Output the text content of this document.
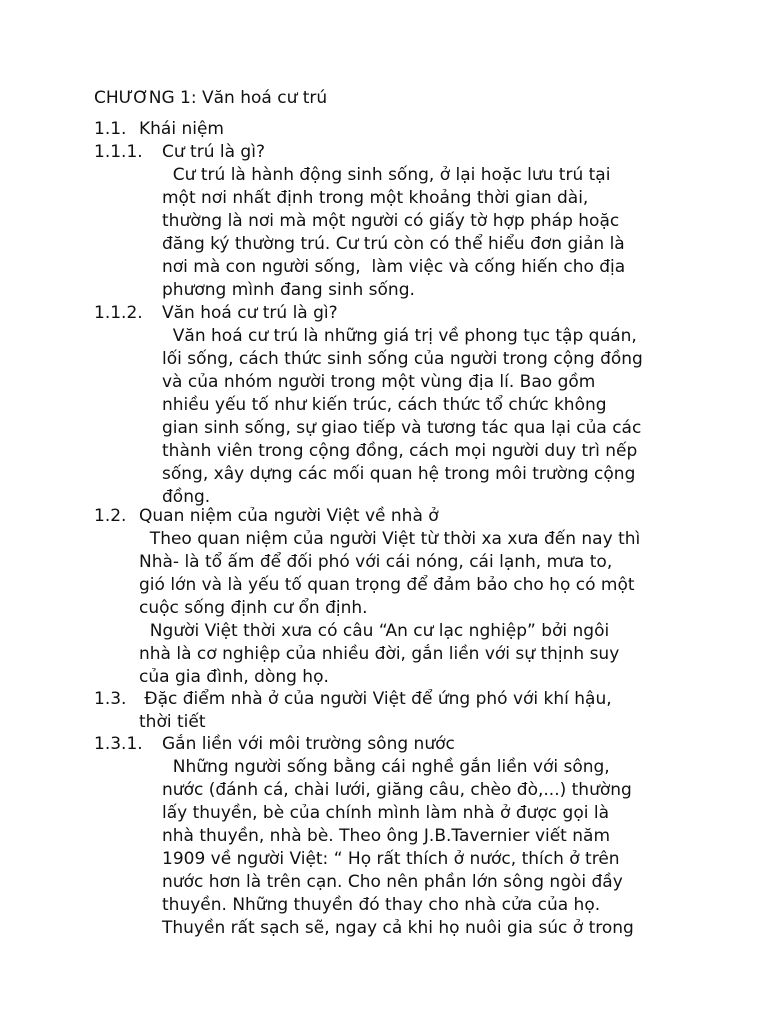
CHƯƠNG 1: Văn hoá cư trú
1.1. Khái niệm
1.1.1. Cư trú là gì?
Cư trú là hành động sinh sống, ở lại hoặc lưu trú tại
một nơi nhất định trong một khoảng thời gian dài,
thường là nơi mà một người có giấy tờ hợp pháp hoặc
đăng ký thường trú. Cư trú còn có thể hiểu đơn giản là
nơi mà con người sống,  làm việc và cống hiến cho địa
phương mình đang sinh sống.
1.1.2. Văn hoá cư trú là gì?
Văn hoá cư trú là những giá trị về phong tục tập quán,
lối sống, cách thức sinh sống của người trong cộng đồng
và của nhóm người trong một vùng địa lí. Bao gồm
nhiều yếu tố như kiến trúc, cách thức tổ chức không
gian sinh sống, sự giao tiếp và tương tác qua lại của các
thành viên trong cộng đồng, cách mọi người duy trì nếp
sống, xây dựng các mối quan hệ trong môi trường cộng
đồng.
1.2. Quan niệm của người Việt về nhà ở
Theo quan niệm của người Việt từ thời xa xưa đến nay thì
Nhà- là tổ ấm để đối phó với cái nóng, cái lạnh, mưa to,
gió lớn và là yếu tố quan trọng để đảm bảo cho họ có một
cuộc sống định cư ổn định.
Người Việt thời xưa có câu “An cư lạc nghiệp” bởi ngôi
nhà là cơ nghiệp của nhiều đời, gắn liền với sự thịnh suy
của gia đình, dòng họ.
1.3. Đặc điểm nhà ở của người Việt để ứng phó với khí hậu,
thời tiết
1.3.1. Gắn liền với môi trường sông nước
Những người sống bằng cái nghề gắn liền với sông,
nước (đánh cá, chài lưới, giăng câu, chèo đò,...) thường
lấy thuyền, bè của chính mình làm nhà ở được gọi là
nhà thuyền, nhà bè. Theo ông J.B.Tavernier viết năm
1909 về người Việt: “ Họ rất thích ở nước, thích ở trên
nước hơn là trên cạn. Cho nên phần lớn sông ngòi đầy
thuyền. Những thuyền đó thay cho nhà cửa của họ.
Thuyền rất sạch sẽ, ngay cả khi họ nuôi gia súc ở trong
